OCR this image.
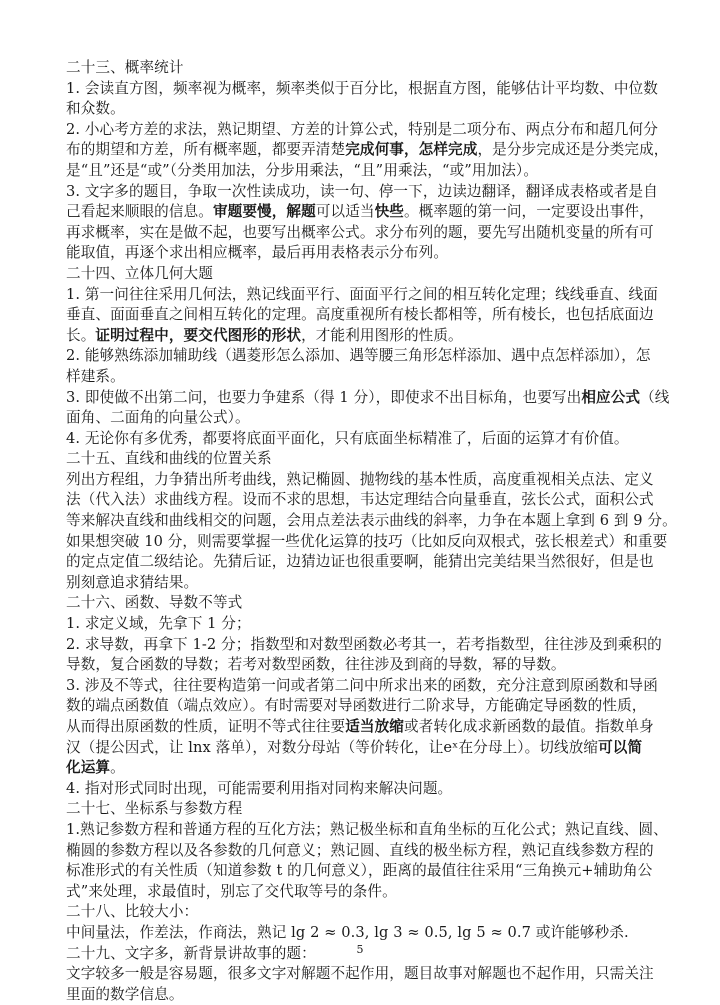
二十三、概率统计
1. 会读直方图，频率视为概率，频率类似于百分比，根据直方图，能够估计平均数、中位数
和众数。
2. 小心考方差的求法，熟记期望、方差的计算公式，特别是二项分布、两点分布和超几何分
布的期望和方差，所有概率题，都要弄清楚完成何事，怎样完成，是分步完成还是分类完成，
是“且”还是“或”（分类用加法，分步用乘法，“且”用乘法，“或”用加法）。
3. 文字多的题目，争取一次性读成功，读一句、停一下，边读边翻译，翻译成表格或者是自
己看起来顺眼的信息。审题要慢，解题可以适当快些。概率题的第一问，一定要设出事件，
再求概率，实在是做不起，也要写出概率公式。求分布列的题，要先写出随机变量的所有可
能取值，再逐个求出相应概率，最后再用表格表示分布列。
二十四、立体几何大题
1. 第一问往往采用几何法，熟记线面平行、面面平行之间的相互转化定理；线线垂直、线面
垂直、面面垂直之间相互转化的定理。高度重视所有棱长都相等，所有棱长，也包括底面边
长。证明过程中，要交代图形的形状，才能利用图形的性质。
2. 能够熟练添加辅助线（遇菱形怎么添加、遇等腰三角形怎样添加、遇中点怎样添加），怎
样建系。
3. 即使做不出第二问，也要力争建系（得 1 分），即使求不出目标角，也要写出相应公式（线
面角、二面角的向量公式）。
4. 无论你有多优秀，都要将底面平面化，只有底面坐标精准了，后面的运算才有价值。
二十五、直线和曲线的位置关系
列出方程组，力争猜出所考曲线，熟记椭圆、抛物线的基本性质，高度重视相关点法、定义
法（代入法）求曲线方程。设而不求的思想，韦达定理结合向量垂直，弦长公式，面积公式
等来解决直线和曲线相交的问题，会用点差法表示曲线的斜率，力争在本题上拿到 6 到 9 分。
如果想突破 10 分，则需要掌握一些优化运算的技巧（比如反向双根式，弦长根差式）和重要
的定点定值二级结论。先猜后证，边猜边证也很重要啊，能猜出完美结果当然很好，但是也
别刻意追求猜结果。
二十六、函数、导数不等式
1. 求定义域，先拿下 1 分；
2. 求导数，再拿下 1-2 分；指数型和对数型函数必考其一，若考指数型，往往涉及到乘积的
导数，复合函数的导数；若考对数型函数，往往涉及到商的导数，幂的导数。
3. 涉及不等式，往往要构造第一问或者第二问中所求出来的函数，充分注意到原函数和导函
数的端点函数值（端点效应）。有时需要对导函数进行二阶求导，方能确定导函数的性质，
从而得出原函数的性质，证明不等式往往要适当放缩或者转化成求新函数的最值。指数单身
汉（提公因式，让 lnx 落单），对数分母站（等价转化，让eˣ在分母上）。切线放缩可以简
化运算。
4. 指对形式同时出现，可能需要利用指对同构来解决问题。
二十七、坐标系与参数方程
1.熟记参数方程和普通方程的互化方法；熟记极坐标和直角坐标的互化公式；熟记直线、圆、
椭圆的参数方程以及各参数的几何意义；熟记圆、直线的极坐标方程，熟记直线参数方程的
标准形式的有关性质（知道参数 t 的几何意义），距离的最值往往采用“三角换元+辅助角公
式”来处理，求最值时，别忘了交代取等号的条件。
二十八、比较大小：
中间量法，作差法，作商法，熟记 lg 2 ≈ 0.3, lg 3 ≈ 0.5, lg 5 ≈ 0.7 或许能够秒杀.
二十九、文字多，新背景讲故事的题：
文字较多一般是容易题，很多文字对解题不起作用，题目故事对解题也不起作用，只需关注
里面的数学信息。
5
